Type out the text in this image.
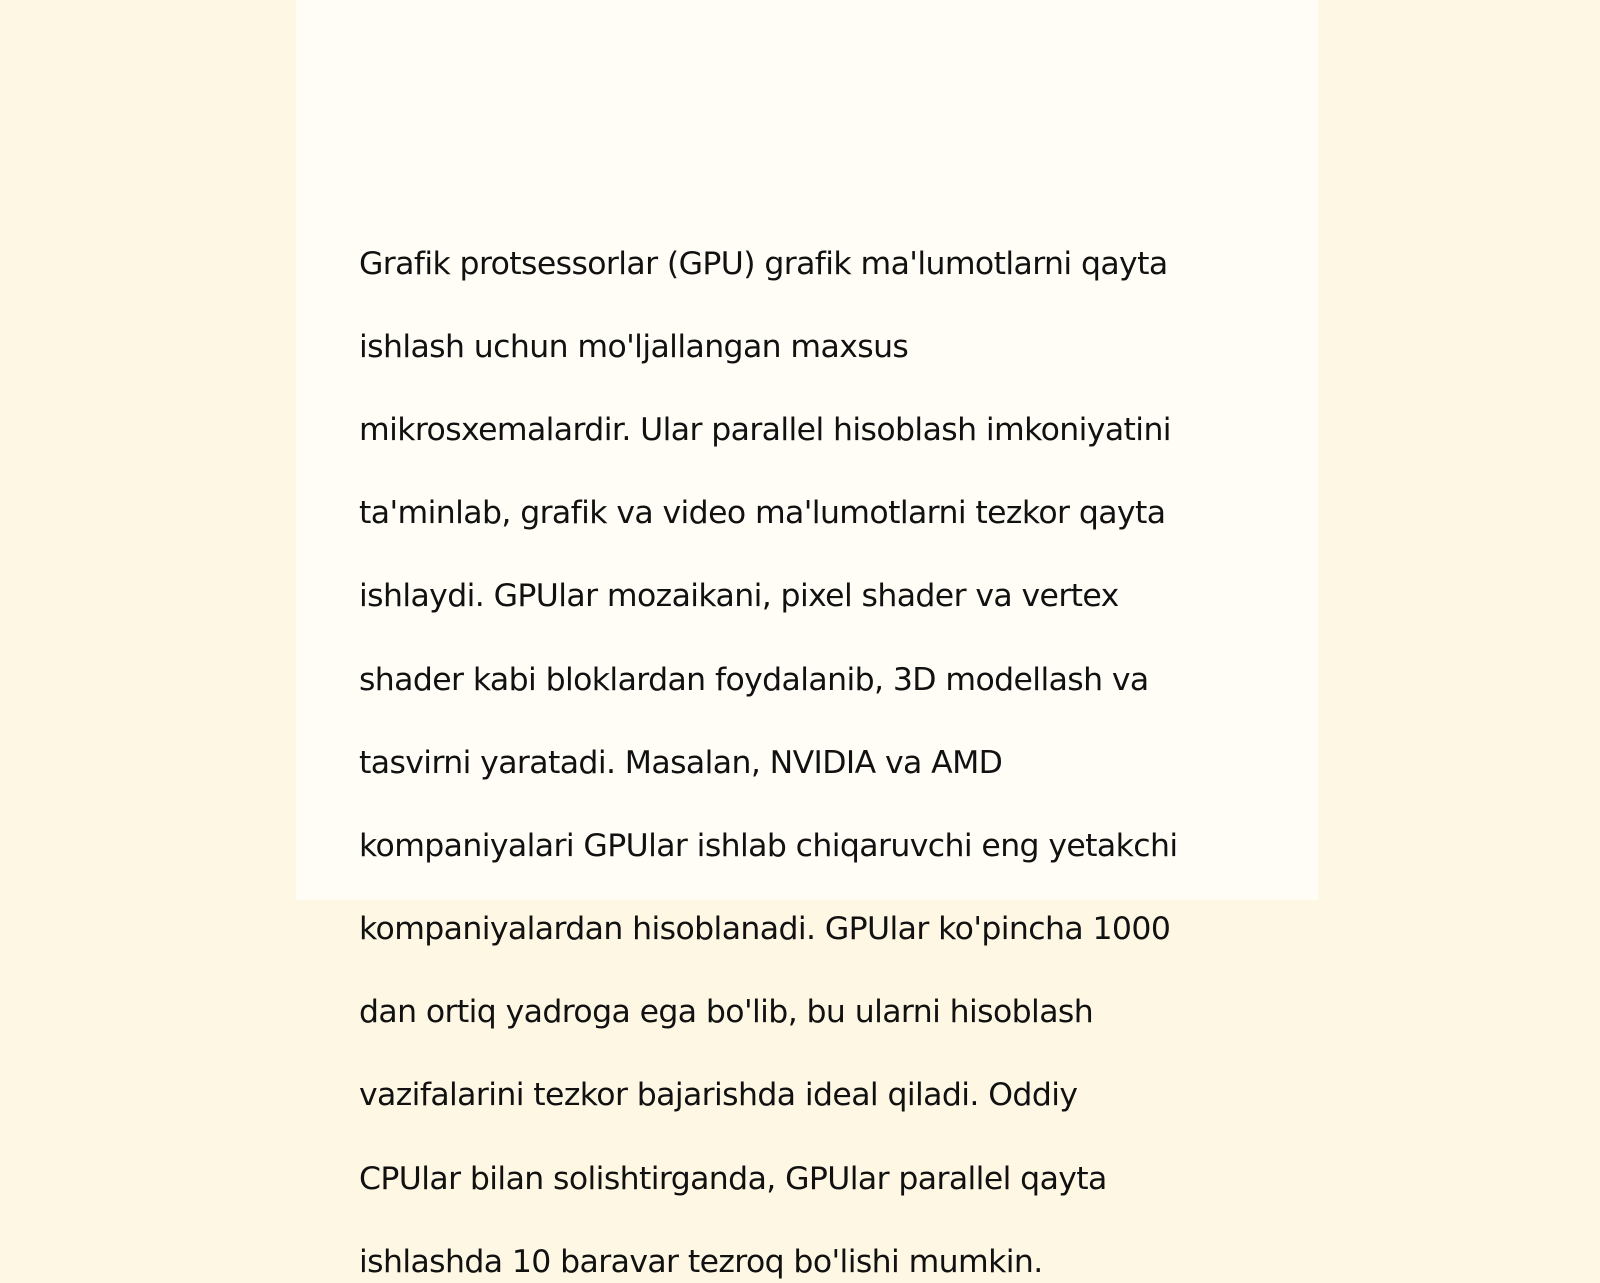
Grafik protsessorlar (GPU) grafik ma'lumotlarni qayta

ishlash uchun mo'ljallangan maxsus

mikrosxemalardir. Ular parallel hisoblash imkoniyatini

ta'minlab, grafik va video ma'lumotlarni tezkor qayta

ishlaydi. GPUlar mozaikani, pixel shader va vertex

shader kabi bloklardan foydalanib, 3D modellash va

tasvirni yaratadi. Masalan, NVIDIA va AMD

kompaniyalari GPUlar ishlab chiqaruvchi eng yetakchi

kompaniyalardan hisoblanadi. GPUlar ko'pincha 1000

dan ortiq yadroga ega bo'lib, bu ularni hisoblash

vazifalarini tezkor bajarishda ideal qiladi. Oddiy

CPUlar bilan solishtirganda, GPUlar parallel qayta

ishlashda 10 baravar tezroq bo'lishi mumkin.
